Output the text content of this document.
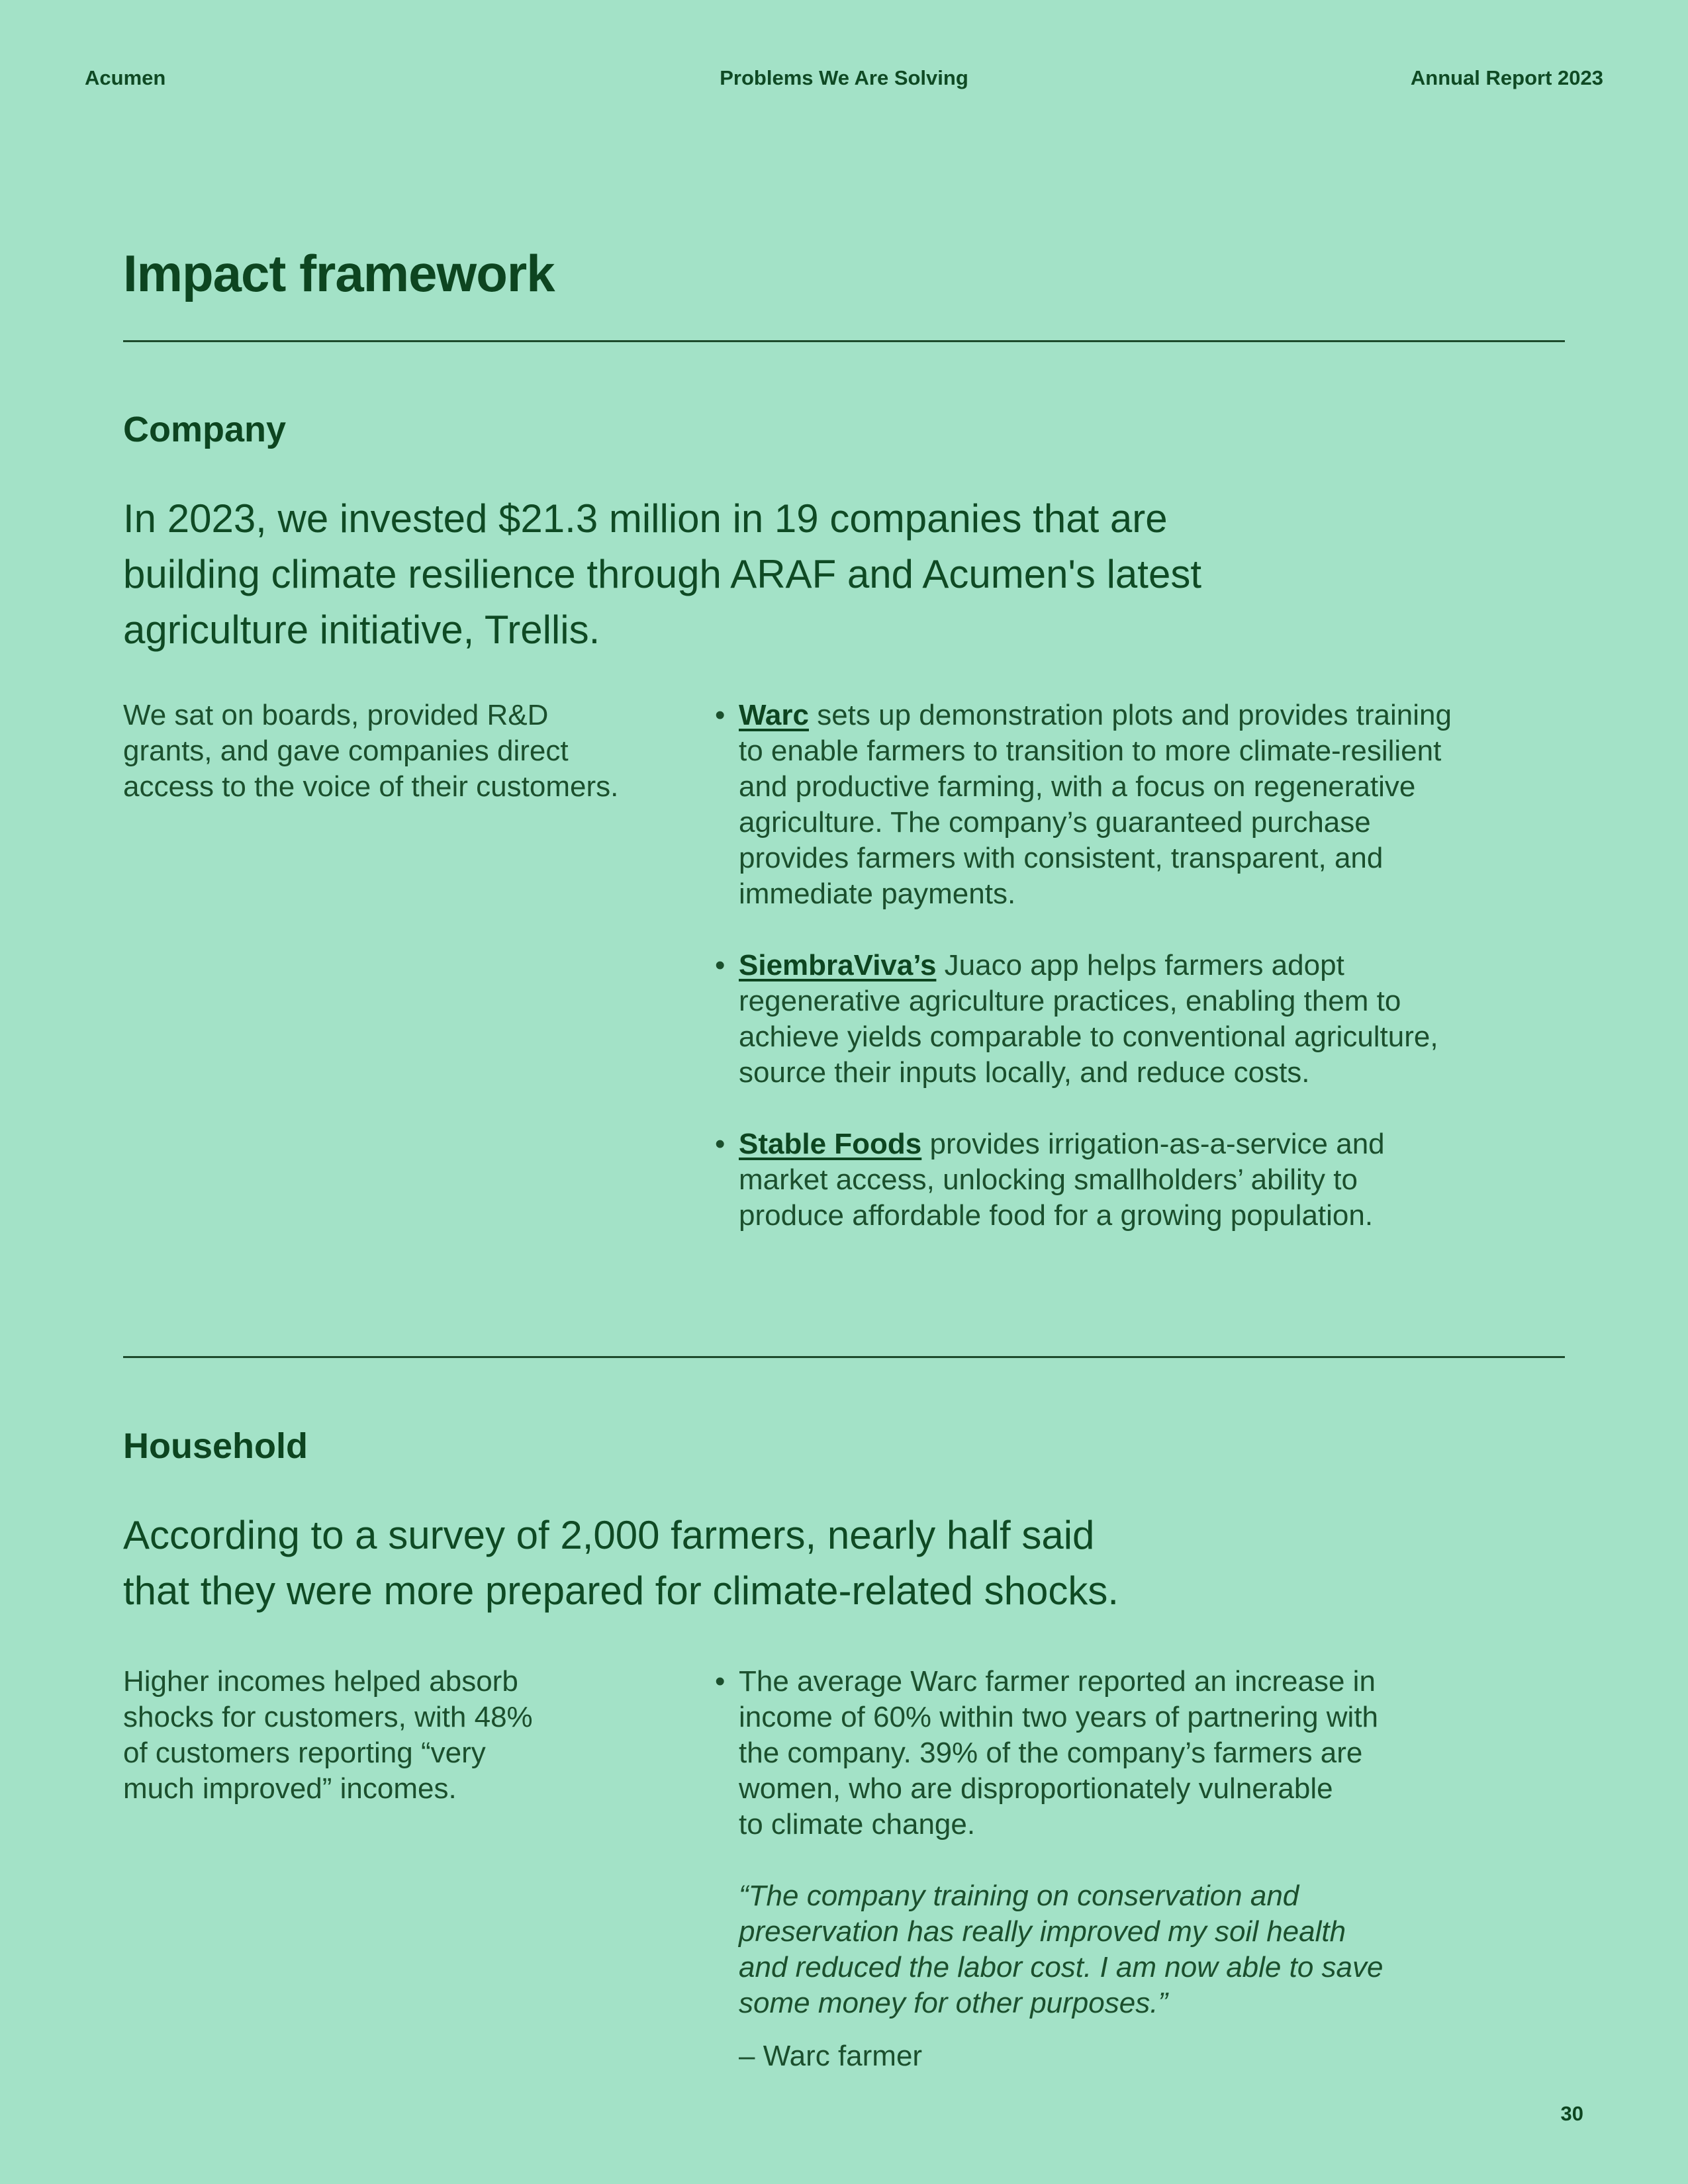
Acumen	Problems We Are Solving	Annual Report 2023
Impact framework
Company

In 2023, we invested $21.3 million in 19 companies that are
building climate resilience through ARAF and Acumen's latest
agriculture initiative, Trellis.

We sat on boards, provided R&D
grants, and gave companies direct
access to the voice of their customers.

• Warc sets up demonstration plots and provides training
to enable farmers to transition to more climate-resilient
and productive farming, with a focus on regenerative
agriculture. The company’s guaranteed purchase
provides farmers with consistent, transparent, and
immediate payments.
• SiembraViva’s Juaco app helps farmers adopt
regenerative agriculture practices, enabling them to
achieve yields comparable to conventional agriculture,
source their inputs locally, and reduce costs.
• Stable Foods provides irrigation-as-a-service and
market access, unlocking smallholders’ ability to
produce affordable food for a growing population.
Household

According to a survey of 2,000 farmers, nearly half said
that they were more prepared for climate-related shocks.

Higher incomes helped absorb
shocks for customers, with 48%
of customers reporting “very
much improved” incomes.

• The average Warc farmer reported an increase in
income of 60% within two years of partnering with
the company. 39% of the company’s farmers are
women, who are disproportionately vulnerable
to climate change.

“The company training on conservation and
preservation has really improved my soil health
and reduced the labor cost. I am now able to save
some money for other purposes.”

– Warc farmer

30
